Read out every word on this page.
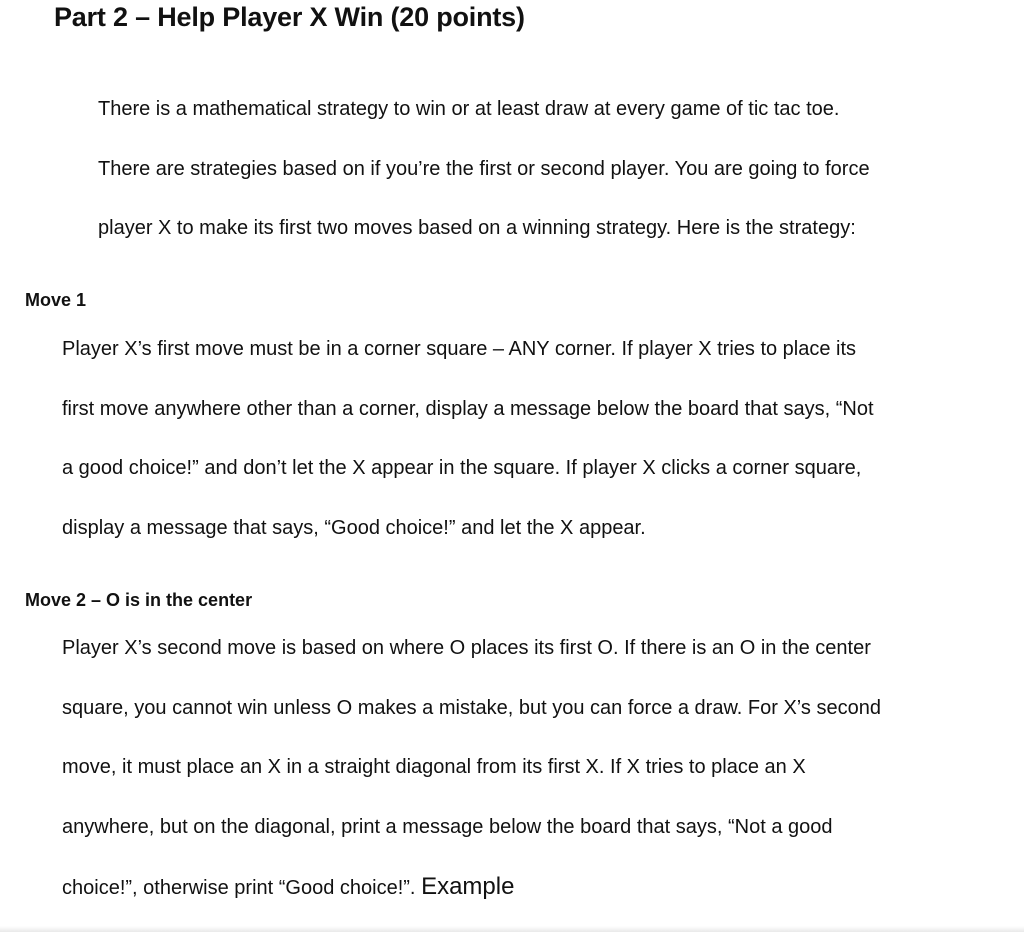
Part 2 – Help Player X Win (20 points)
There is a mathematical strategy to win or at least draw at every game of tic tac toe.
There are strategies based on if you’re the first or second player. You are going to force
player X to make its first two moves based on a winning strategy. Here is the strategy:
Move 1
Player X’s first move must be in a corner square – ANY corner. If player X tries to place its
first move anywhere other than a corner, display a message below the board that says, “Not
a good choice!” and don’t let the X appear in the square. If player X clicks a corner square,
display a message that says, “Good choice!” and let the X appear.
Move 2 – O is in the center
Player X’s second move is based on where O places its first O. If there is an O in the center
square, you cannot win unless O makes a mistake, but you can force a draw. For X’s second
move, it must place an X in a straight diagonal from its first X. If X tries to place an X
anywhere, but on the diagonal, print a message below the board that says, “Not a good
choice!”, otherwise print “Good choice!”. Example
